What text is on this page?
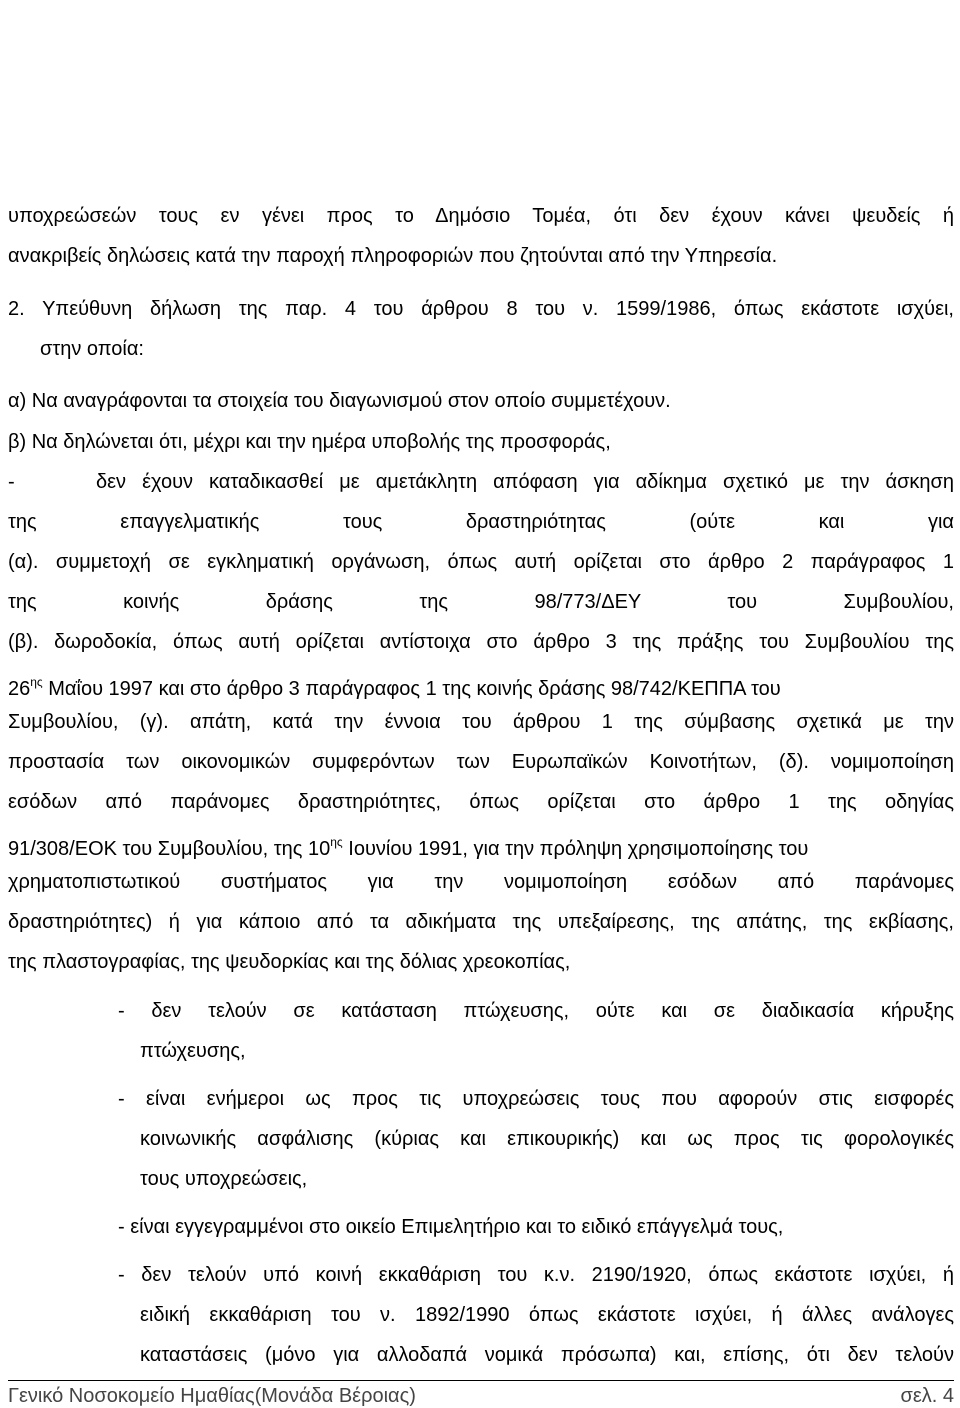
υποχρεώσεών τους εν γένει προς το Δημόσιο Τομέα, ότι δεν έχουν κάνει ψευδείς ή
ανακριβείς δηλώσεις κατά την παροχή πληροφοριών που ζητούνται από την Υπηρεσία.
2. Υπεύθυνη δήλωση της παρ. 4 του άρθρου 8 του ν. 1599/1986, όπως εκάστοτε ισχύει,
στην οποία:
α) Να αναγράφονται τα στοιχεία του διαγωνισμού στον οποίο συμμετέχουν.
β) Να δηλώνεται ότι, μέχρι και την ημέρα υποβολής της προσφοράς,
-	δεν έχουν καταδικασθεί με αμετάκλητη απόφαση για αδίκημα σχετικό με την άσκηση
της επαγγελματικής τους δραστηριότητας (ούτε και για
(α). συμμετοχή σε εγκληματική οργάνωση, όπως αυτή ορίζεται στο άρθρο 2 παράγραφος 1
της κοινής δράσης της 98/773/ΔΕΥ του Συμβουλίου,
(β). δωροδοκία, όπως αυτή ορίζεται αντίστοιχα στο άρθρο 3 της πράξης του Συμβουλίου της
$26^{\eta\varsigma}$ Μαΐου 1997 και στο άρθρο 3 παράγραφος 1 της κοινής δράσης 98/742/ΚΕΠΠΑ του
Συμβουλίου, (γ). απάτη, κατά την έννοια του άρθρου 1 της σύμβασης σχετικά με την
προστασία των οικονομικών συμφερόντων των Ευρωπαϊκών Κοινοτήτων, (δ). νομιμοποίηση
εσόδων από παράνομες δραστηριότητες, όπως ορίζεται στο άρθρο 1 της οδηγίας
91/308/ΕΟΚ του Συμβουλίου, της $10^{\eta\varsigma}$ Ιουνίου 1991, για την πρόληψη χρησιμοποίησης του
χρηματοπιστωτικού συστήματος για την νομιμοποίηση εσόδων από παράνομες
δραστηριότητες) ή για κάποιο από τα αδικήματα της υπεξαίρεσης, της απάτης, της εκβίασης,
της πλαστογραφίας, της ψευδορκίας και της δόλιας χρεοκοπίας,
- δεν τελούν σε κατάσταση πτώχευσης, ούτε και σε διαδικασία κήρυξης
πτώχευσης,
- είναι ενήμεροι ως προς τις υποχρεώσεις τους που αφορούν στις εισφορές
κοινωνικής ασφάλισης (κύριας και επικουρικής) και ως προς τις φορολογικές
τους υποχρεώσεις,
- είναι εγγεγραμμένοι στο οικείο Επιμελητήριο και το ειδικό επάγγελμά τους,
- δεν τελούν υπό κοινή εκκαθάριση του κ.ν. 2190/1920, όπως εκάστοτε ισχύει, ή
ειδική εκκαθάριση του ν. 1892/1990 όπως εκάστοτε ισχύει, ή άλλες ανάλογες
καταστάσεις (μόνο για αλλοδαπά νομικά πρόσωπα) και, επίσης, ότι δεν τελούν
Γενικό Νοσοκομείο Ημαθίας(Μονάδα Βέροιας)	σελ. 4
